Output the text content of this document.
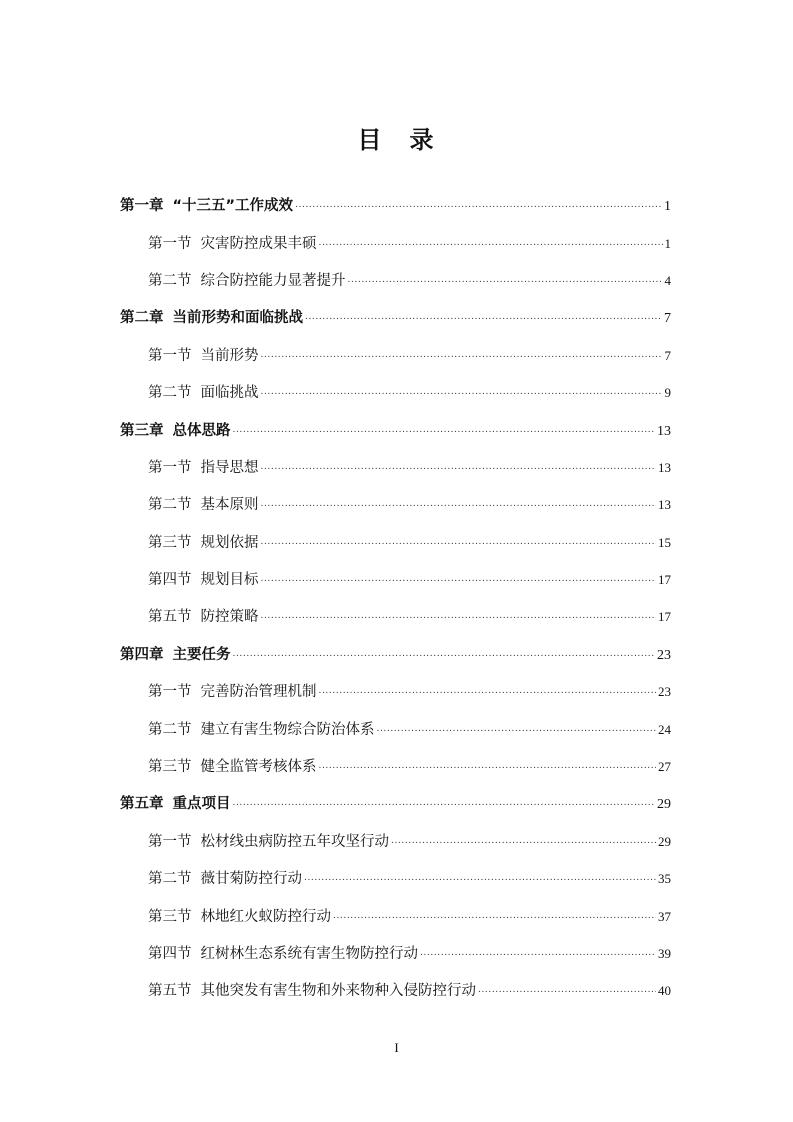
目 录
第一章 “十三五”工作成效 .....	1
第一节 灾害防控成果丰硕 .....	1
第二节 综合防控能力显著提升 .....	4
第二章 当前形势和面临挑战 .....	7
第一节 当前形势 .....	7
第二节 面临挑战 .....	9
第三章 总体思路 .....	13
第一节 指导思想 .....	13
第二节 基本原则 .....	13
第三节 规划依据 .....	15
第四节 规划目标 .....	17
第五节 防控策略 .....	17
第四章 主要任务 .....	23
第一节 完善防治管理机制 .....	23
第二节 建立有害生物综合防治体系 .....	24
第三节 健全监管考核体系 .....	27
第五章 重点项目 .....	29
第一节 松材线虫病防控五年攻坚行动 .....	29
第二节 薇甘菊防控行动 .....	35
第三节 林地红火蚁防控行动 .....	37
第四节 红树林生态系统有害生物防控行动 .....	39
第五节 其他突发有害生物和外来物种入侵防控行动 .....	40
I
